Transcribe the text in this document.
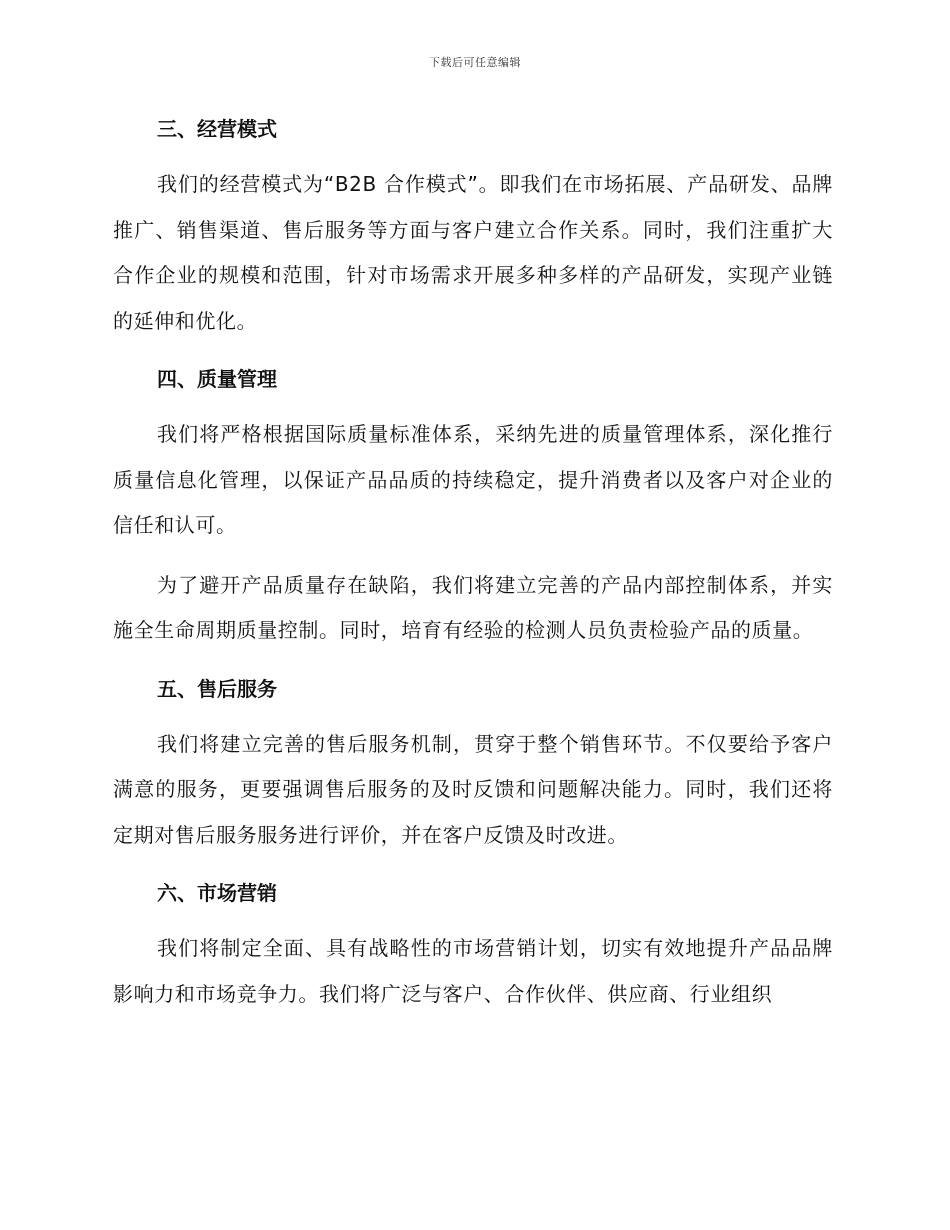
下载后可任意编辑
三、经营模式

我们的经营模式为“B2B 合作模式”。即我们在市场拓展、产品研发、品牌推广、销售渠道、售后服务等方面与客户建立合作关系。同时，我们注重扩大合作企业的规模和范围，针对市场需求开展多种多样的产品研发，实现产业链的延伸和优化。

四、质量管理

我们将严格根据国际质量标准体系，采纳先进的质量管理体系，深化推行质量信息化管理，以保证产品品质的持续稳定，提升消费者以及客户对企业的信任和认可。

为了避开产品质量存在缺陷，我们将建立完善的产品内部控制体系，并实施全生命周期质量控制。同时，培育有经验的检测人员负责检验产品的质量。

五、售后服务

我们将建立完善的售后服务机制，贯穿于整个销售环节。不仅要给予客户满意的服务，更要强调售后服务的及时反馈和问题解决能力。同时，我们还将定期对售后服务服务进行评价，并在客户反馈及时改进。

六、市场营销

我们将制定全面、具有战略性的市场营销计划，切实有效地提升产品品牌影响力和市场竞争力。我们将广泛与客户、合作伙伴、供应商、行业组织
